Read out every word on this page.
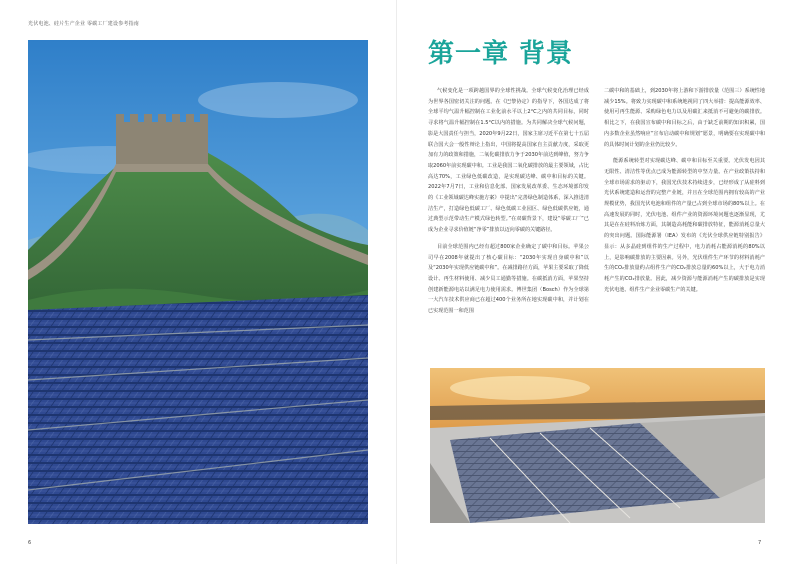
光伏电池、硅片生产企业 零碳工厂建设参考指南
6
第一章 背景

气候变化是一项跨越国界的全球性挑战。全球气候变化治理已经成为世界各国密切关注的问题。在《巴黎协定》的指导下，各国达成了将全球平均气温升幅控制在工业化前水平以上2°C之内的共同目标，同时寻求将气温升幅控制在1.5°C以内的措施。为共同解决全球气候问题，影是大国责任与担当，2020年9月22日，国家主席习近平在第七十五届联合国大会一般性辩论上指出，中国将提高国家自主贡献力度，采取更加有力的政策和措施，二氧化碳排放力争于2030年前达到峰值，努力争取2060年前实现碳中和。工业是我国二氧化碳排放的最主要领域，占比高达70%，工业绿色低碳改造，是实现碳达峰、碳中和目标的关键。2022年7月7日，工业和信息化部、国家发展改革委、生态环境部印发的《工业领域碳达峰实施方案》中提出“完善绿色制造体系，深入推进清洁生产，打造绿色低碳工厂、绿色低碳工业园区、绿色低碳供应链，通过典型示范带动生产模式绿色转型。”在双碳背景下，建设“零碳工厂”已成为企业寻求价值链“净零”排放以迈向零碳的关键路径。

目前全球范围内已经有超过800家企业确定了碳中和目标。苹果公司早在2008年就提出了核心碳目标：“2030年实现自身碳中和”以及“2030年实现供应链碳中和”。在减排路径方面，苹果主要采取了降低设计、再生材料使用、减少员工通勤等措施。在碳抵消方面，苹果坚持创建新能源电站以满足电力使用需求。博世集团（Bosch）作为全球第一大汽车技术供应商已在超过400个业务所在地实现碳中和，并计划在已实现范围一和范围

二碳中和的基础上，到2030年将上游和下游排放量（范围三）系统性地减少15%。将致力实现碳中和系统地视同了四大举措：提高能源效率、使用可再生能源、采购绿色电力以及用碳汇来抵消不可避免的碳排放。相比之下，在我国宣布碳中和目标之后，由于缺乏前期的知识积累，国内多数企业虽然响应“宣布启动碳中和规划”愿景，明确要在实现碳中和的具体时间计划的企业仍比较少。

能源系统转型对实现碳达峰、碳中和目标至关重要。光伏发电因其无限性、清洁性等优点已成为能源转型的中坚力量。在产业政策扶持和全球市场需求的驱动下，我国光伏技术持续进步，已经形成了从硅料到光伏系统建造和运营的完整产业链，并且在全球范围内拥有较高的产业规模优势，我国光伏电池和组件的产量已占到全球市场的80%以上。在高速发展的同时，光伏电池、组件产业的资源环境问题也逐渐显现，尤其是在在硅料冶炼方面，其制造高耗能和碳排放特征，能源消耗总量大的突出问题。国际能源署（IEA）发布的《光伏全球供应链特别报告》显示：从多晶硅到组件的生产过程中，电力消耗占能源消耗的80%以上，是影响碳排放的主要因素。另外，光伏组件生产环节的材料消耗产生的CO₂排放量约占组件生产的CO₂排放总量的60%以上，大于电力消耗产生的CO₂排放量。因此，减少资源与能源消耗产生的碳排放是实现光伏电池、组件生产企业零碳生产的关键。

7
